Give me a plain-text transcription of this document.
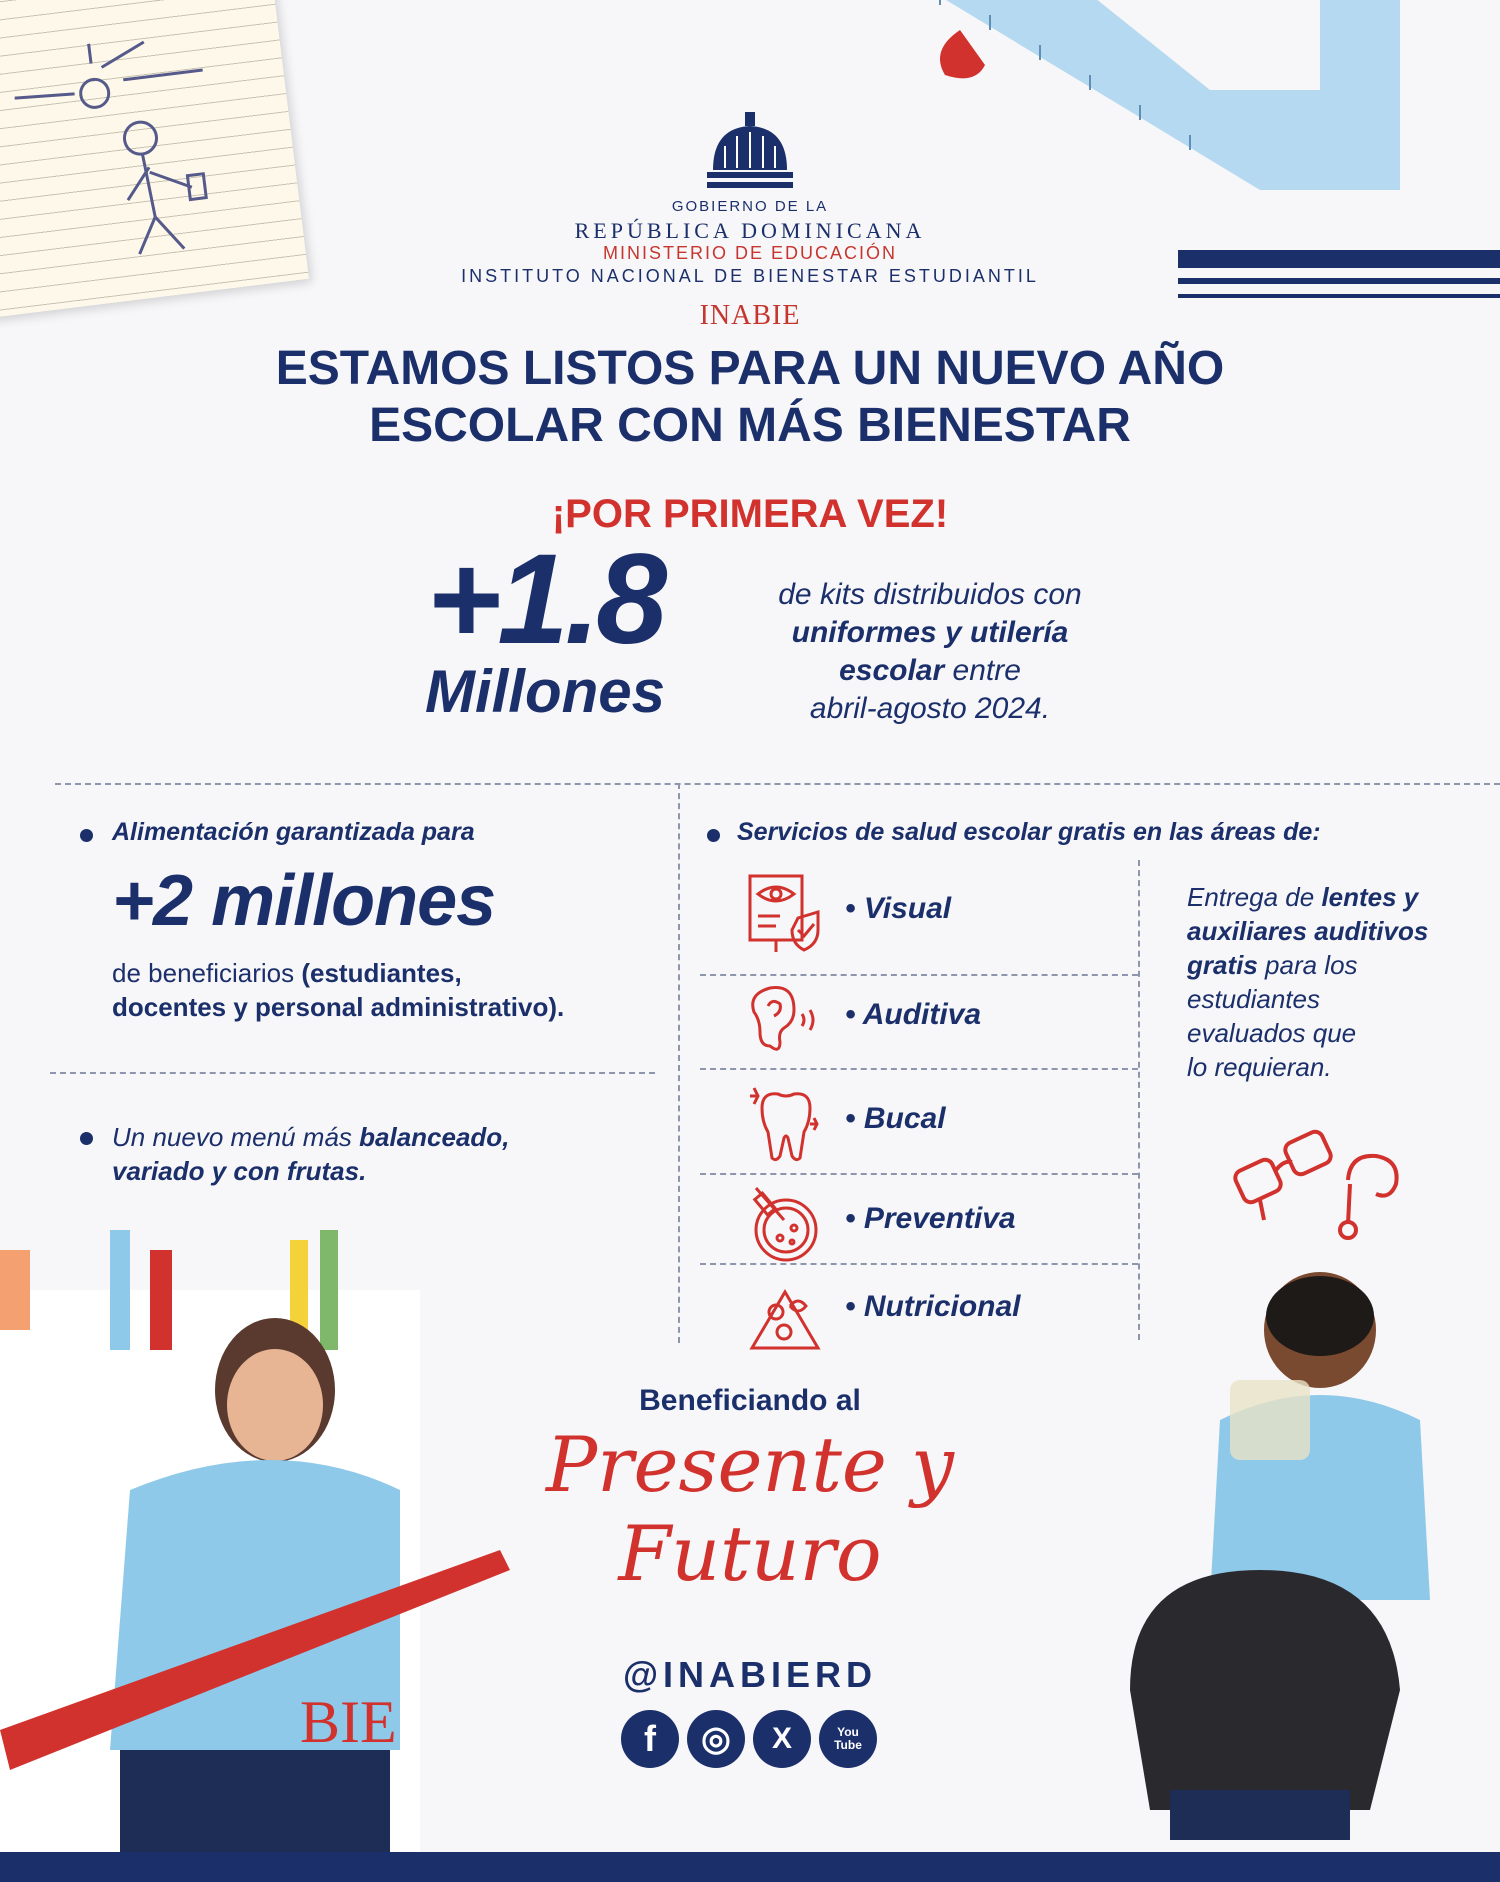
GOBIERNO DE LA
REPÚBLICA DOMINICANA
MINISTERIO DE EDUCACIÓN
INSTITUTO NACIONAL DE BIENESTAR ESTUDIANTIL
INABIE
ESTAMOS LISTOS PARA UN NUEVO AÑO
ESCOLAR CON MÁS BIENESTAR
¡POR PRIMERA VEZ!
+1.8
Millones
de kits distribuidos con
uniformes y utilería
escolar entre
abril-agosto 2024.
Alimentación garantizada para
+2 millones
de beneficiarios (estudiantes,
docentes y personal administrativo).
Un nuevo menú más balanceado,
variado y con frutas.
Servicios de salud escolar gratis en las áreas de:
• Visual
• Auditiva
• Bucal
• Preventiva
• Nutricional
Entrega de lentes y
auxiliares auditivos
gratis para los
estudiantes
evaluados que
lo requieran.
BIE
Beneficiando al
Presente y Futuro
@INABIERD
f	◎	X	You Tube
